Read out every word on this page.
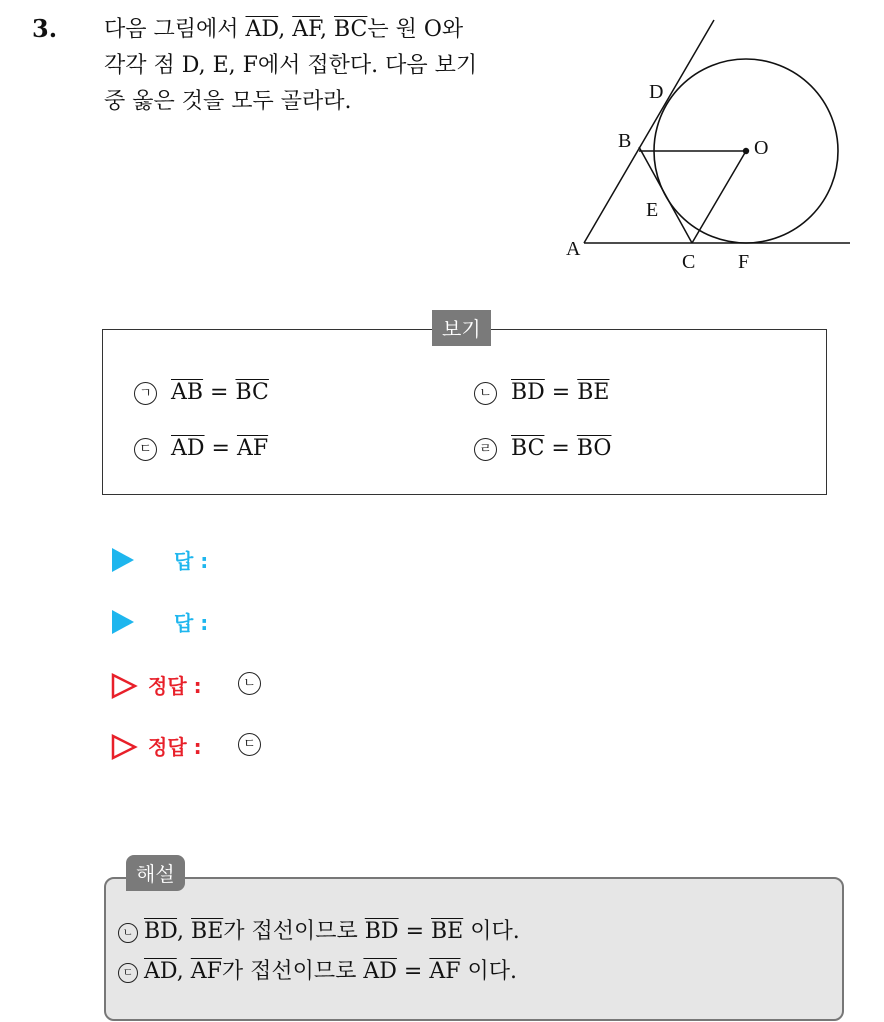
3. 다음 그림에서 $\overline{AD}$, $\overline{AF}$, $\overline{BC}$는 원 O와
각각 점 D, E, F에서 접한다. 다음 보기
중 옳은 것을 모두 골라라.	D
B	O
E
A
C F
보기
ㄱ $\overline{AB} = \overline{BC}$	ㄴ $\overline{BD} = \overline{BE}$
ㄷ $\overline{AD} = \overline{AF}$	ㄹ $\overline{BC} = \overline{BO}$
답 :
답 :
정답 :	ㄴ
정답 :	ㄷ
해설
ㄴ $\overline{BD}$, $\overline{BE}$가 접선이므로 $\overline{BD} = \overline{BE}$ 이다.
ㄷ $\overline{AD}$, $\overline{AF}$가 접선이므로 $\overline{AD} = \overline{AF}$ 이다.
